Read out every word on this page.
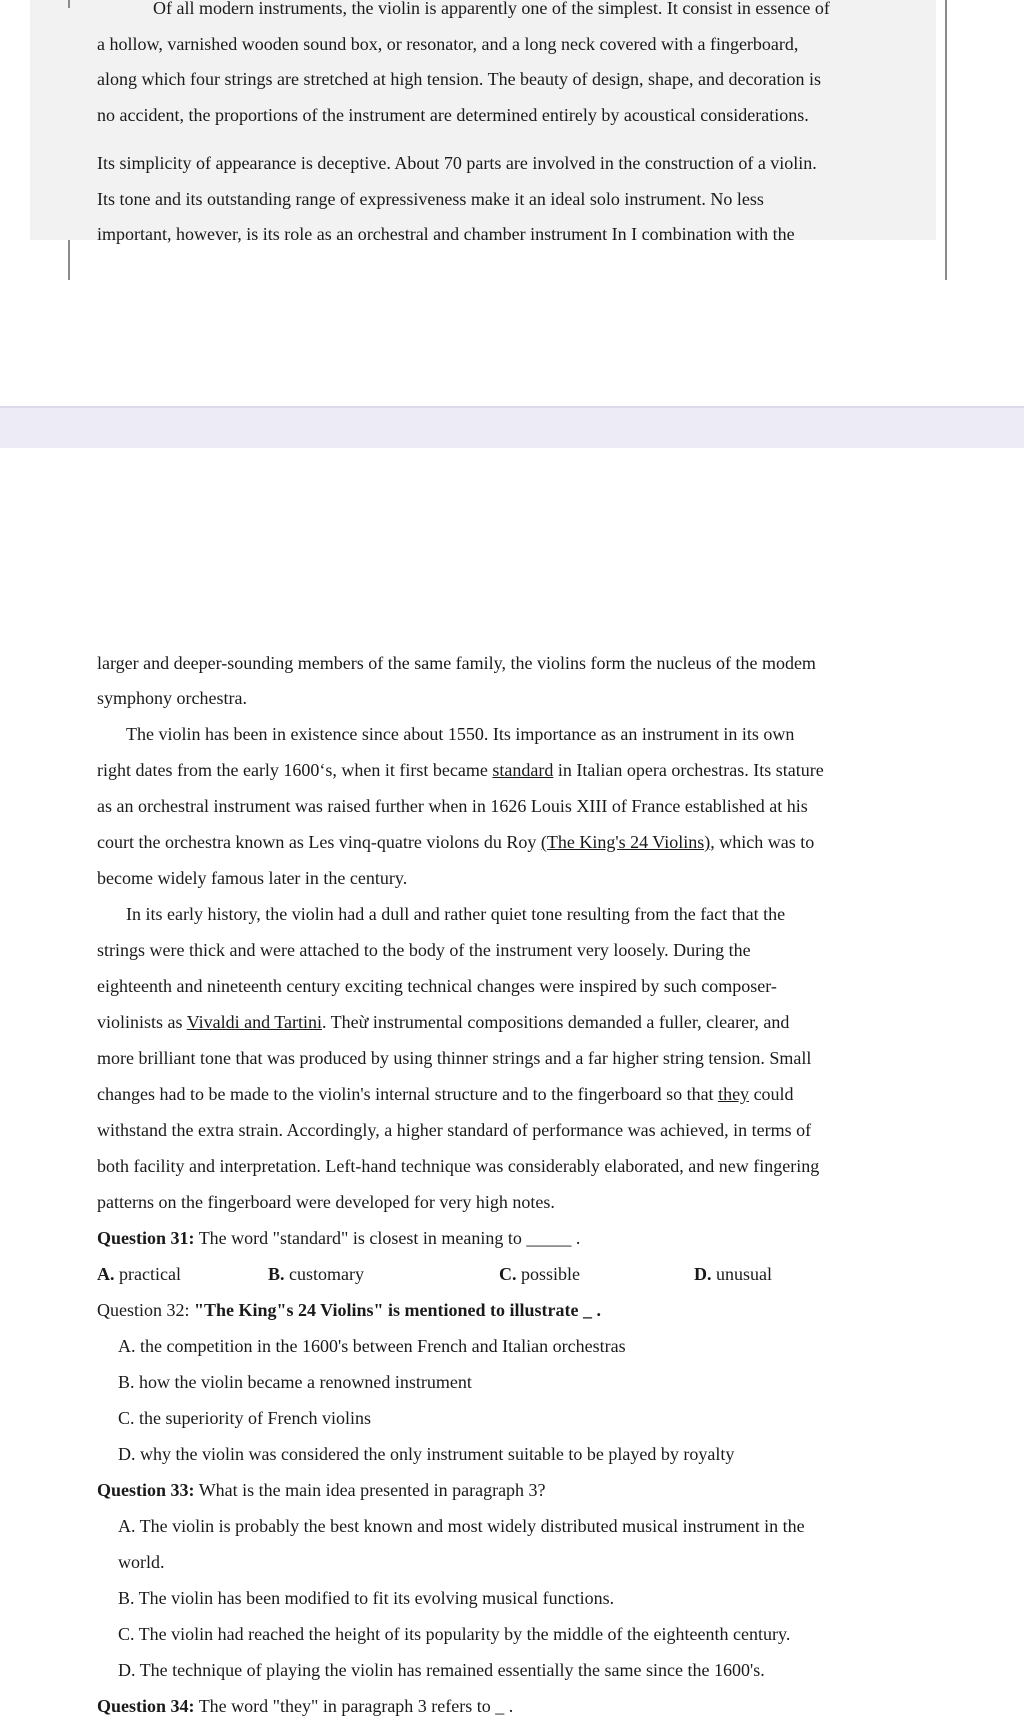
Of all modern instruments, the violin is apparently one of the simplest. It consist in essence of
a hollow, varnished wooden sound box, or resonator, and a long neck covered with a fingerboard,
along which four strings are stretched at high tension. The beauty of design, shape, and decoration is
no accident, the proportions of the instrument are determined entirely by acoustical considerations.
Its simplicity of appearance is deceptive. About 70 parts are involved in the construction of a violin.
Its tone and its outstanding range of expressiveness make it an ideal solo instrument. No less
important, however, is its role as an orchestral and chamber instrument In I combination with the
larger and deeper-sounding members of the same family, the violins form the nucleus of the modem
symphony orchestra.
The violin has been in existence since about 1550. Its importance as an instrument in its own
right dates from the early 1600‘s, when it first became standard in Italian opera orchestras. Its stature
as an orchestral instrument was raised further when in 1626 Louis XIII of France established at his
court the orchestra known as Les vinq-quatre violons du Roy (The King's 24 Violins), which was to
become widely famous later in the century.
In its early history, the violin had a dull and rather quiet tone resulting from the fact that the
strings were thick and were attached to the body of the instrument very loosely. During the
eighteenth and nineteenth century exciting technical changes were inspired by such composer-
violinists as Vivaldi and Tartini. Theừ instrumental compositions demanded a fuller, clearer, and
more brilliant tone that was produced by using thinner strings and a far higher string tension. Small
changes had to be made to the violin's internal structure and to the fingerboard so that they could
withstand the extra strain. Accordingly, a higher standard of performance was achieved, in terms of
both facility and interpretation. Left-hand technique was considerably elaborated, and new fingering
patterns on the fingerboard were developed for very high notes.
Question 31: The word "standard" is closest in meaning to _____ .
A. practical	B. customary	C. possible	D. unusual
Question 32: "The King"s 24 Violins" is mentioned to illustrate _ .
A. the competition in the 1600's between French and Italian orchestras
B. how the violin became a renowned instrument
C. the superiority of French violins
D. why the violin was considered the only instrument suitable to be played by royalty
Question 33: What is the main idea presented in paragraph 3?
A. The violin is probably the best known and most widely distributed musical instrument in the
world.
B. The violin has been modified to fit its evolving musical functions.
C. The violin had reached the height of its popularity by the middle of the eighteenth century.
D. The technique of playing the violin has remained essentially the same since the 1600's.
Question 34: The word "they" in paragraph 3 refers to _ .
